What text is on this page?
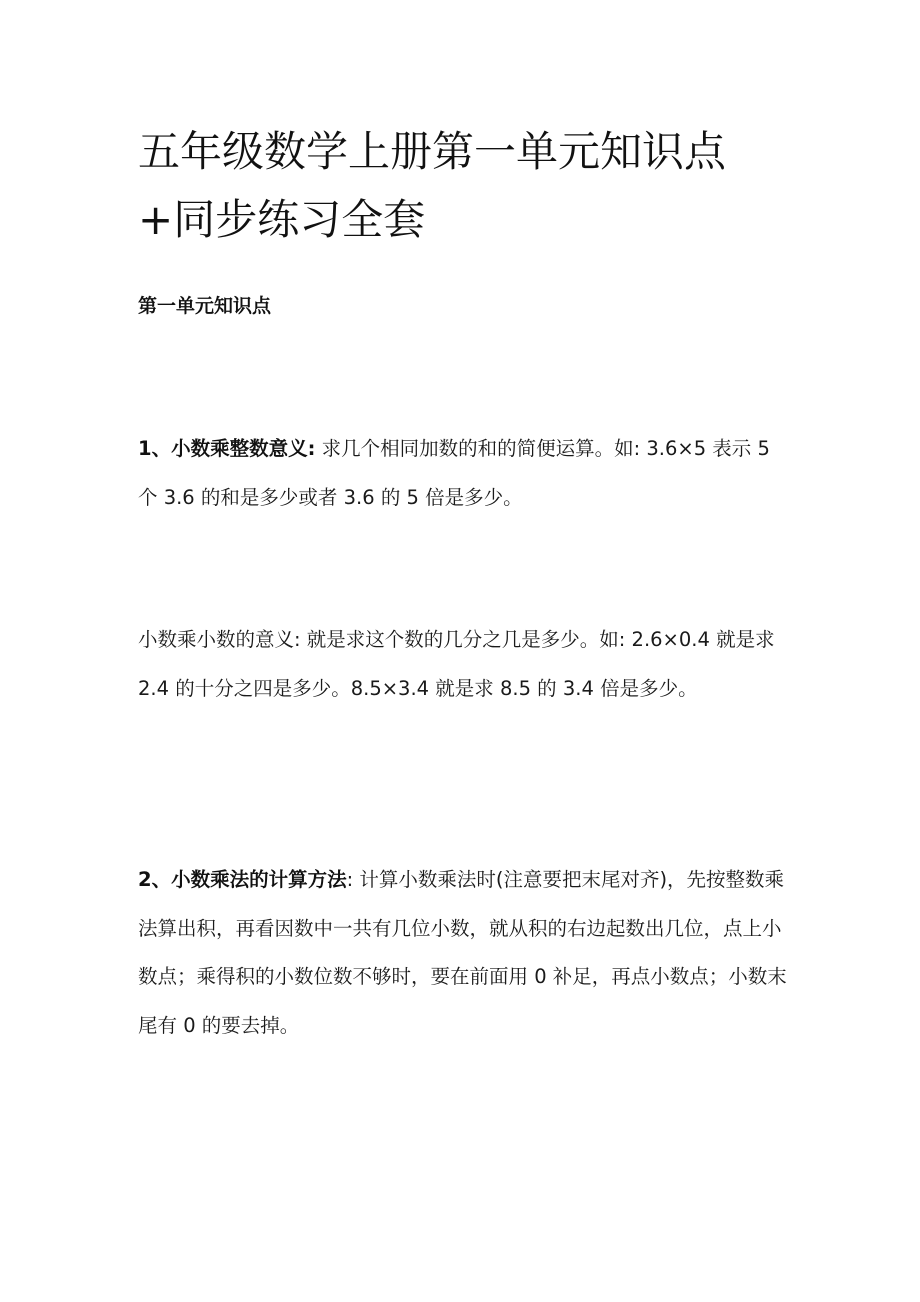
五年级数学上册第一单元知识点+同步练习全套
第一单元知识点

1、小数乘整数意义: 求几个相同加数的和的简便运算。如: 3.6×5 表示 5 个 3.6 的和是多少或者 3.6 的 5 倍是多少。

小数乘小数的意义: 就是求这个数的几分之几是多少。如: 2.6×0.4 就是求 2.4 的十分之四是多少。8.5×3.4 就是求 8.5 的 3.4 倍是多少。

2、小数乘法的计算方法: 计算小数乘法时(注意要把末尾对齐)，先按整数乘法算出积，再看因数中一共有几位小数，就从积的右边起数出几位，点上小数点；乘得积的小数位数不够时，要在前面用 0 补足，再点小数点；小数末尾有 0 的要去掉。
